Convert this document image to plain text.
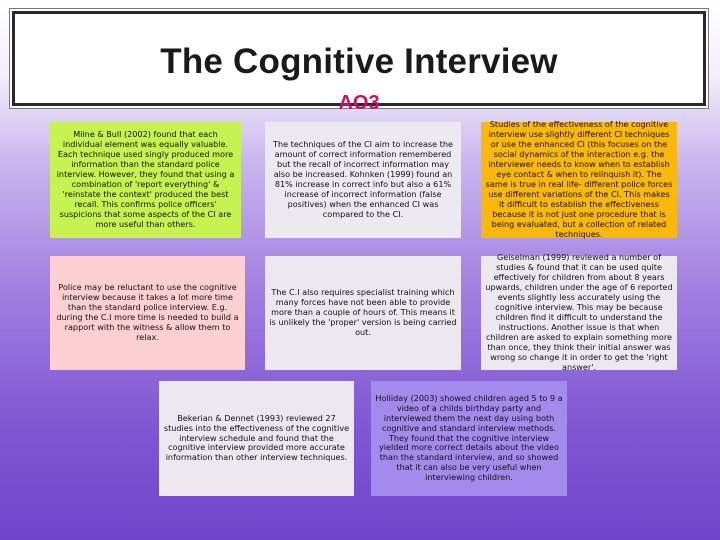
The Cognitive Interview
AO3
Milne & Bull (2002) found that each individual element was equally valuable. Each technique used singly produced more information than the standard police interview. However, they found that using a combination of 'report everything' & 'reinstate the context' produced the best recall. This confirms police officers' suspicions that some aspects of the CI are more useful than others.
The techniques of the CI aim to increase the amount of correct information remembered but the recall of incorrect information may also be increased. Kohnken (1999) found an 81% increase in correct info but also a 61% increase of incorrect information (false positives) when the enhanced CI was compared to the CI.
Studies of the effectiveness of the cognitive interview use slightly different CI techniques or use the enhanced CI (this focuses on the social dynamics of the interaction e.g. the interviewer needs to know when to establish eye contact & when to relinquish it). The same is true in real life- different police forces use different variations of the CI. This makes it difficult to establish the effectiveness because it is not just one procedure that is being evaluated, but a collection of related techniques.
Police may be reluctant to use the cognitive interview because it takes a lot more time than the standard police interview. E.g. during the C.I more time is needed to build a rapport with the witness & allow them to relax.
The C.I also requires specialist training which many forces have not been able to provide more than a couple of hours of. This means it is unlikely the 'proper' version is being carried out.
Geiselman (1999) reviewed a number of studies & found that it can be used quite effectively for children from about 8 years upwards, children under the age of 6 reported events slightly less accurately using the cognitive interview. This may be because children find it difficult to understand the instructions. Another issue is that when children are asked to explain something more than once, they think their initial answer was wrong so change it in order to get the 'right answer'.
Bekerian & Dennet (1993) reviewed 27 studies into the effectiveness of the cognitive interview schedule and found that the cognitive interview provided more accurate information than other interview techniques.
Holliday (2003) showed children aged 5 to 9 a video of a childs birthday party and interviewed them the next day using both cognitive and standard interview methods. They found that the cognitive interview yielded more correct details about the video than the standard interview, and so showed that it can also be very useful when interviewing children.
